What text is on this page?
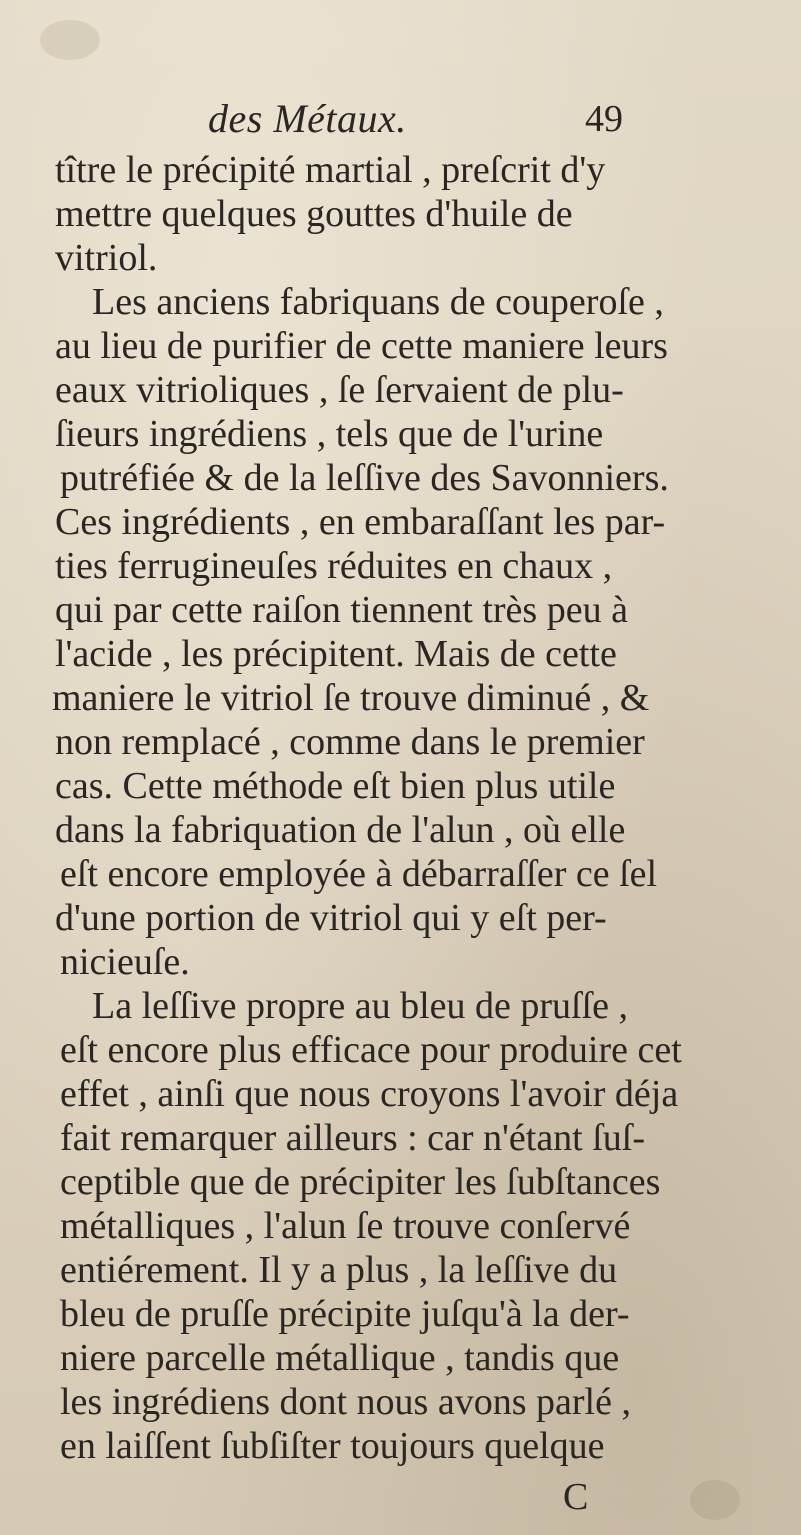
des Métaux.	49
tître le précipité martial , preſcrit d'y
mettre quelques gouttes d'huile de
vitriol.
Les anciens fabriquans de couperoſe ,
au lieu de purifier de cette maniere leurs
eaux vitrioliques , ſe ſervaient de plu-
ſieurs ingrédiens , tels que de l'urine
putréfiée & de la leſſive des Savonniers.
Ces ingrédients , en embaraſſant les par-
ties ferrugineuſes réduites en chaux ,
qui par cette raiſon tiennent très peu à
l'acide , les précipitent. Mais de cette
maniere le vitriol ſe trouve diminué , &
non remplacé , comme dans le premier
cas. Cette méthode eſt bien plus utile
dans la fabriquation de l'alun , où elle
eſt encore employée à débarraſſer ce ſel
d'une portion de vitriol qui y eſt per-
nicieuſe.
La leſſive propre au bleu de pruſſe ,
eſt encore plus efficace pour produire cet
effet , ainſi que nous croyons l'avoir déja
fait remarquer ailleurs : car n'étant ſuſ-
ceptible que de précipiter les ſubſtances
métalliques , l'alun ſe trouve conſervé
entiérement. Il y a plus , la leſſive du
bleu de pruſſe précipite juſqu'à la der-
niere parcelle métallique , tandis que
les ingrédiens dont nous avons parlé ,
en laiſſent ſubſiſter toujours quelque
C
